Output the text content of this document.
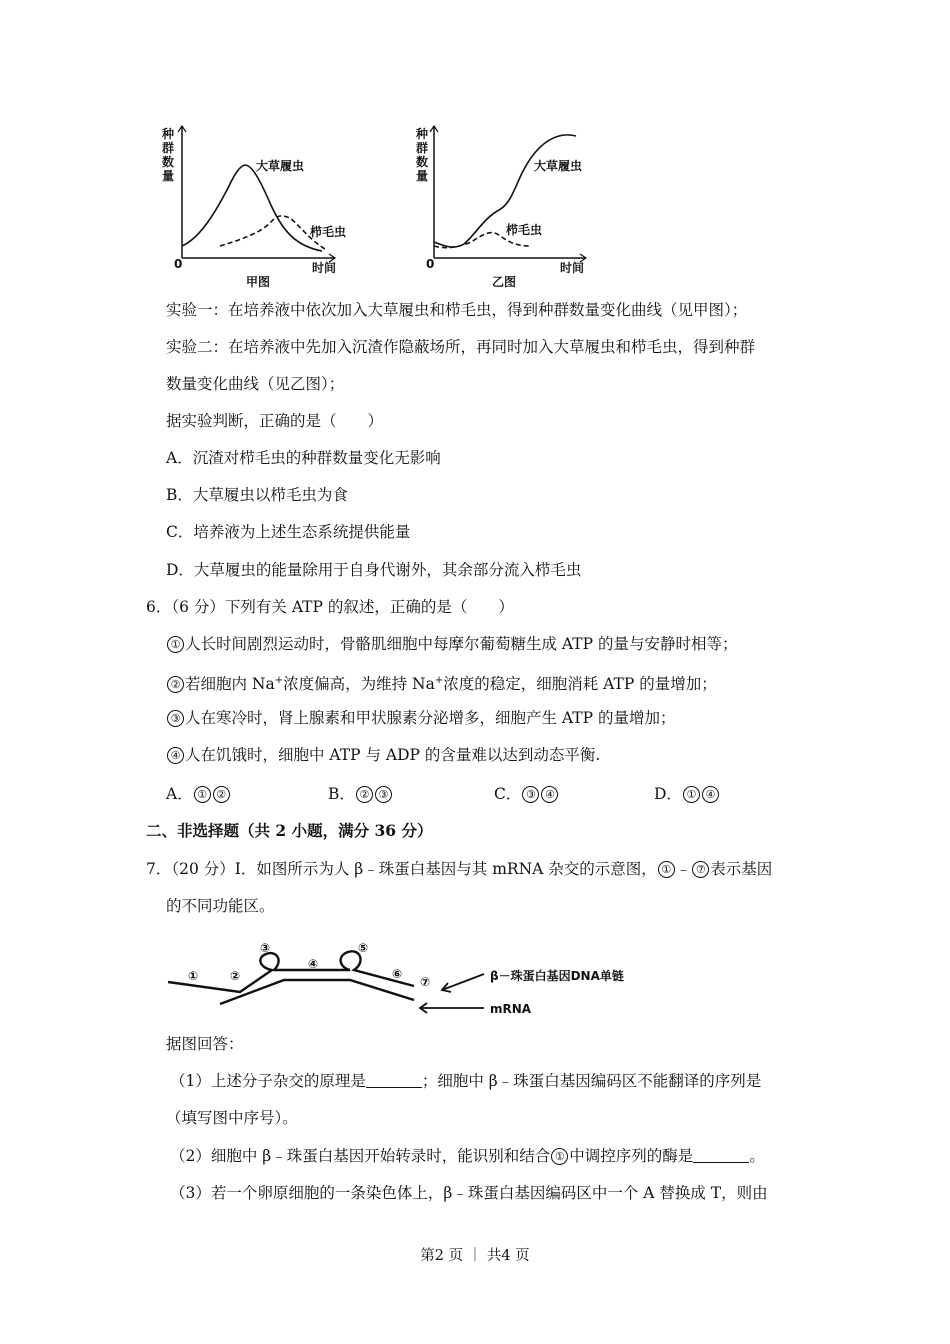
种群数量
大草履虫
栉毛虫
0	时间
甲图
种群数量
大草履虫
栉毛虫
0	时间
乙图
实验一：在培养液中依次加入大草履虫和栉毛虫，得到种群数量变化曲线（见甲图）；
实验二：在培养液中先加入沉渣作隐蔽场所，再同时加入大草履虫和栉毛虫，得到种群
数量变化曲线（见乙图）；
据实验判断，正确的是（　　）
A．沉渣对栉毛虫的种群数量变化无影响
B．大草履虫以栉毛虫为食
C．培养液为上述生态系统提供能量
D．大草履虫的能量除用于自身代谢外，其余部分流入栉毛虫
6．（6 分）下列有关 ATP 的叙述，正确的是（　　）
① 人长时间剧烈运动时，骨骼肌细胞中每摩尔葡萄糖生成 ATP 的量与安静时相等；
② 若细胞内 Na+浓度偏高，为维持 Na+浓度的稳定，细胞消耗 ATP 的量增加；
③ 人在寒冷时，肾上腺素和甲状腺素分泌增多，细胞产生 ATP 的量增加；
④ 人在饥饿时，细胞中 ATP 与 ADP 的含量难以达到动态平衡.
A． ① ②	B． ② ③	C． ③ ④	D． ① ④
二、非选择题（共 2 小题，满分 36 分）
7．（20 分）Ⅰ．如图所示为人 β﹣珠蛋白基因与其 mRNA 杂交的示意图， ① ﹣ ⑦ 表示基因
的不同功能区。
①	②
③
④
⑤
⑥
⑦	β－珠蛋白基因DNA单链
mRNA
据图回答：
（1）上述分子杂交的原理是	；细胞中 β﹣珠蛋白基因编码区不能翻译的序列是
（填写图中序号）。
（2）细胞中 β﹣珠蛋白基因开始转录时，能识别和结合 ① 中调控序列的酶是	。
（3）若一个卵原细胞的一条染色体上，β﹣珠蛋白基因编码区中一个 A 替换成 T，则由
第2 页 ｜ 共4 页
